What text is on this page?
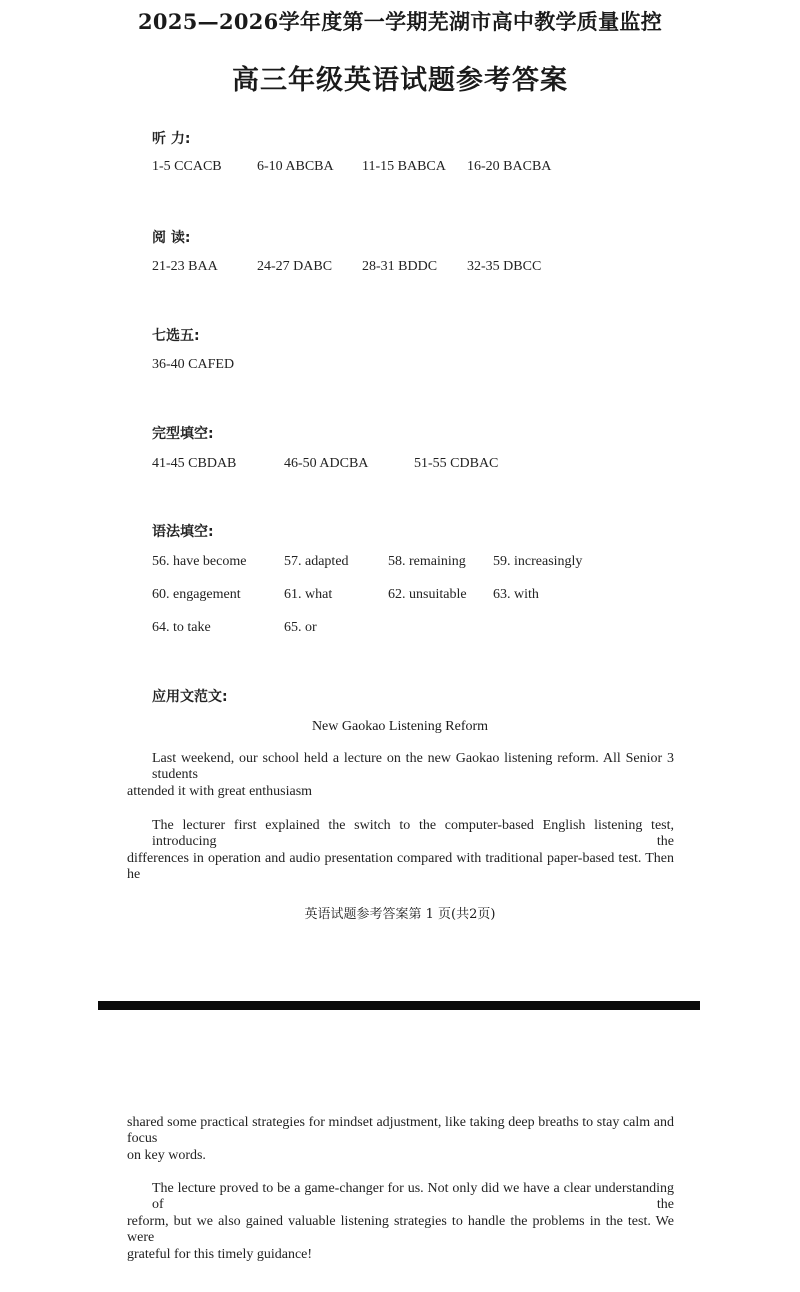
2025—2026学年度第一学期芜湖市高中教学质量监控
高三年级英语试题参考答案
听 力:
1-5 CCACB	6-10 ABCBA 11-15 BABCA 16-20 BACBA
阅 读:
21-23 BAA	24-27 DABC 28-31 BDDC 32-35 DBCC
七选五:
36-40 CAFED
完型填空:
41-45 CBDAB	46-50 ADCBA	51-55 CDBAC
语法填空:
56. have become	57. adapted	58. remaining 59. increasingly
60. engagement	61. what	62. unsuitable 63. with
64. to take	65. or
应用文范文:
New Gaokao Listening Reform
Last weekend, our school held a lecture on the new Gaokao listening reform. All Senior 3 students
attended it with great enthusiasm
The lecturer first explained the switch to the computer-based English listening test, introducing the
differences in operation and audio presentation compared with traditional paper-based test. Then he
英语试题参考答案第 1 页(共2页)
shared some practical strategies for mindset adjustment, like taking deep breaths to stay calm and focus
on key words.
The lecture proved to be a game-changer for us. Not only did we have a clear understanding of the
reform, but we also gained valuable listening strategies to handle the problems in the test. We were
grateful for this timely guidance!
